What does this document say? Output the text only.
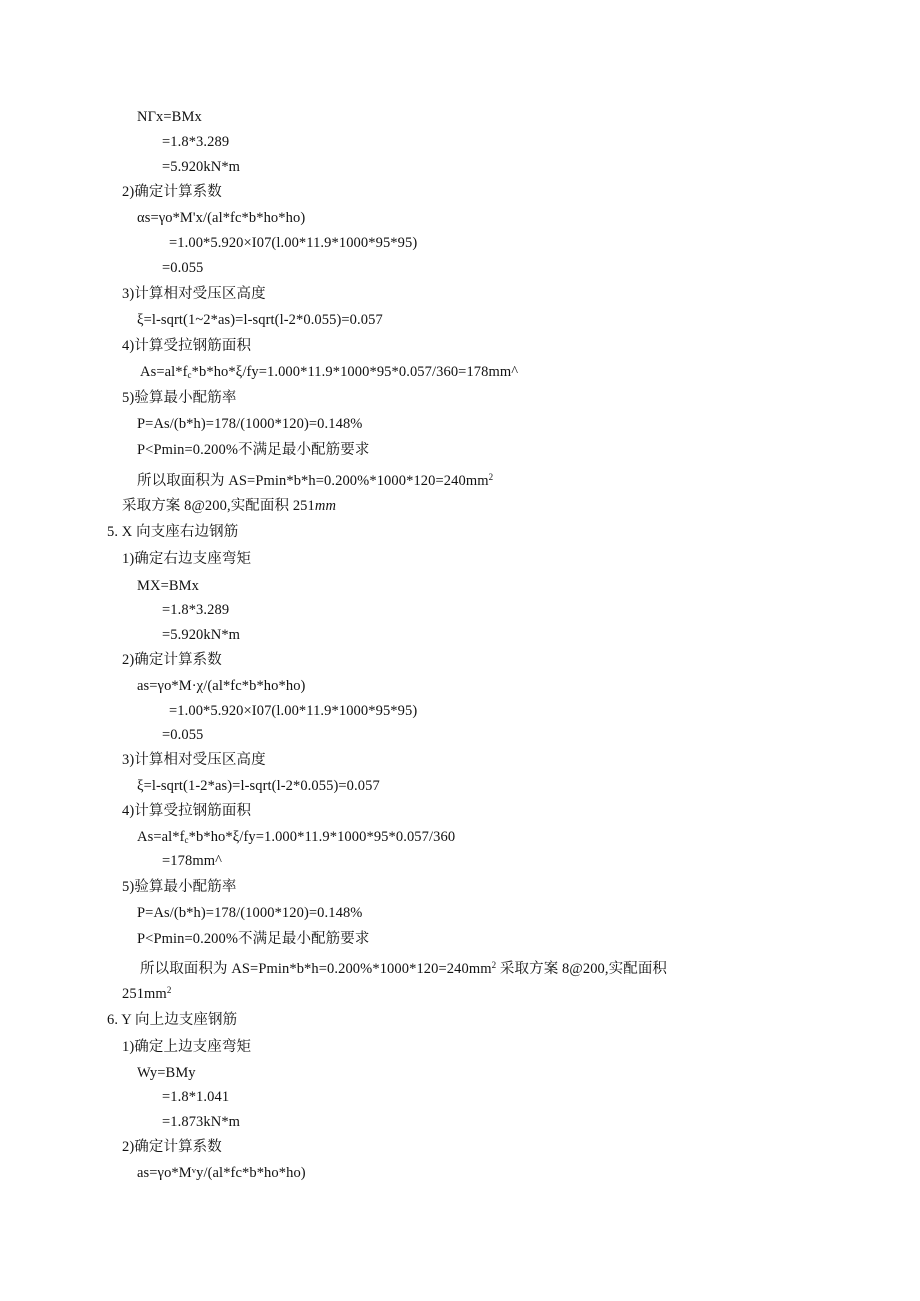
NΓx=BMx
=1.8*3.289
=5.920kN*m
2)确定计算系数
αs=γo*M'x/(al*fc*b*ho*ho)
=1.00*5.920×I07(l.00*11.9*1000*95*95)
=0.055
3)计算相对受压区高度
ξ=l-sqrt(1~2*as)=l-sqrt(l-2*0.055)=0.057
4)计算受拉钢筋面积
$As=al*f_c*b*ho*\xi/fy=1.000*11.9*1000*95*0.057/360=178mm\^{}$
5)验算最小配筋率
P=As/(b*h)=178/(1000*120)=0.148%
P<Pmin=0.200%不满足最小配筋要求
所以取面积为 $AS=Pmin*b*h=0.200\%*1000*120=240mm^2$
采取方案 8@200,实配面积 251mm
5. X 向支座右边钢筋
1)确定右边支座弯矩
MX=BMx
=1.8*3.289
=5.920kN*m
2)确定计算系数
as=γo*M·χ/(al*fc*b*ho*ho)
=1.00*5.920×I07(l.00*11.9*1000*95*95)
=0.055
3)计算相对受压区高度
ξ=l-sqrt(1-2*as)=l-sqrt(l-2*0.055)=0.057
4)计算受拉钢筋面积
$As=al*f_c*b*ho*\xi/fy=1.000*11.9*1000*95*0.057/360$
=178mm^
5)验算最小配筋率
P=As/(b*h)=178/(1000*120)=0.148%
P<Pmin=0.200%不满足最小配筋要求
所以取面积为 $AS=Pmin*b*h=0.200\%*1000*120=240mm^2$ 采取方案 8@200,实配面积
$251mm^2$
6. Y 向上边支座钢筋
1)确定上边支座弯矩
Wy=BMy
=1.8*1.041
=1.873kN*m
2)确定计算系数
as=γo*Mᵛy/(al*fc*b*ho*ho)
